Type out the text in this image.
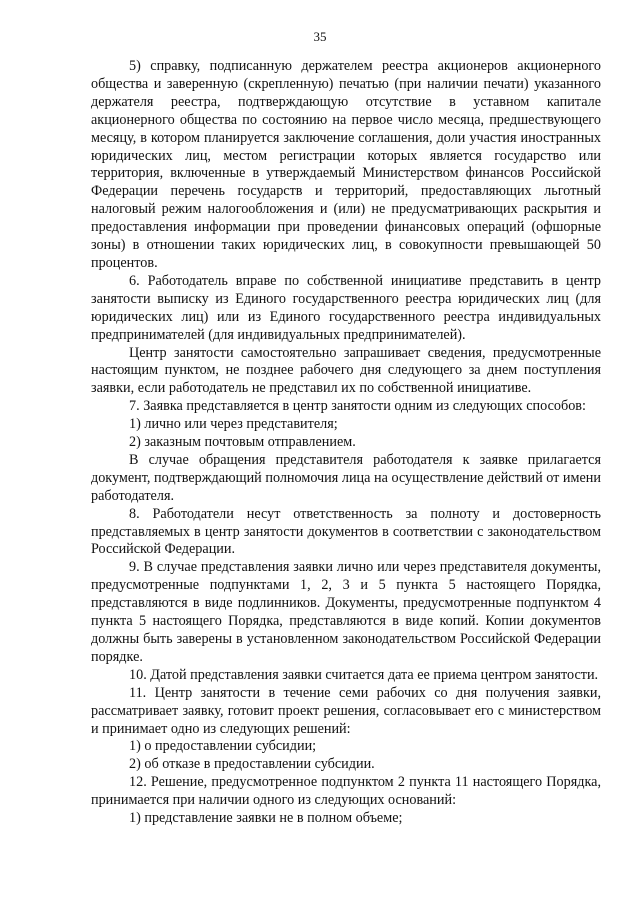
35

5) справку, подписанную держателем реестра акционеров акционерного общества и заверенную (скрепленную) печатью (при наличии печати) указанного держателя реестра, подтверждающую отсутствие в уставном капитале акционерного общества по состоянию на первое число месяца, предшествующего месяцу, в котором планируется заключение соглашения, доли участия иностранных юридических лиц, местом регистрации которых является государство или территория, включенные в утверждаемый Министерством финансов Российской Федерации перечень государств и территорий, предоставляющих льготный налоговый режим налогообложения и (или) не предусматривающих раскрытия и предоставления информации при проведении финансовых операций (офшорные зоны) в отношении таких юридических лиц, в совокупности превышающей 50 процентов.

6. Работодатель вправе по собственной инициативе представить в центр занятости выписку из Единого государственного реестра юридических лиц (для юридических лиц) или из Единого государственного реестра индивидуальных предпринимателей (для индивидуальных предпринимателей).

Центр занятости самостоятельно запрашивает сведения, предусмотренные настоящим пунктом, не позднее рабочего дня следующего за днем поступления заявки, если работодатель не представил их по собственной инициативе.

7. Заявка представляется в центр занятости одним из следующих способов:

1) лично или через представителя;

2) заказным почтовым отправлением.

В случае обращения представителя работодателя к заявке прилагается документ, подтверждающий полномочия лица на осуществление действий от имени работодателя.

8. Работодатели несут ответственность за полноту и достоверность представляемых в центр занятости документов в соответствии с законодательством Российской Федерации.

9. В случае представления заявки лично или через представителя документы, предусмотренные подпунктами 1, 2, 3 и 5 пункта 5 настоящего Порядка, представляются в виде подлинников. Документы, предусмотренные подпунктом 4 пункта 5 настоящего Порядка, представляются в виде копий. Копии документов должны быть заверены в установленном законодательством Российской Федерации порядке.

10. Датой представления заявки считается дата ее приема центром занятости.

11. Центр занятости в течение семи рабочих со дня получения заявки, рассматривает заявку, готовит проект решения, согласовывает его с министерством и принимает одно из следующих решений:

1) о предоставлении субсидии;

2) об отказе в предоставлении субсидии.

12. Решение, предусмотренное подпунктом 2 пункта 11 настоящего Порядка, принимается при наличии одного из следующих оснований:

1) представление заявки не в полном объеме;
